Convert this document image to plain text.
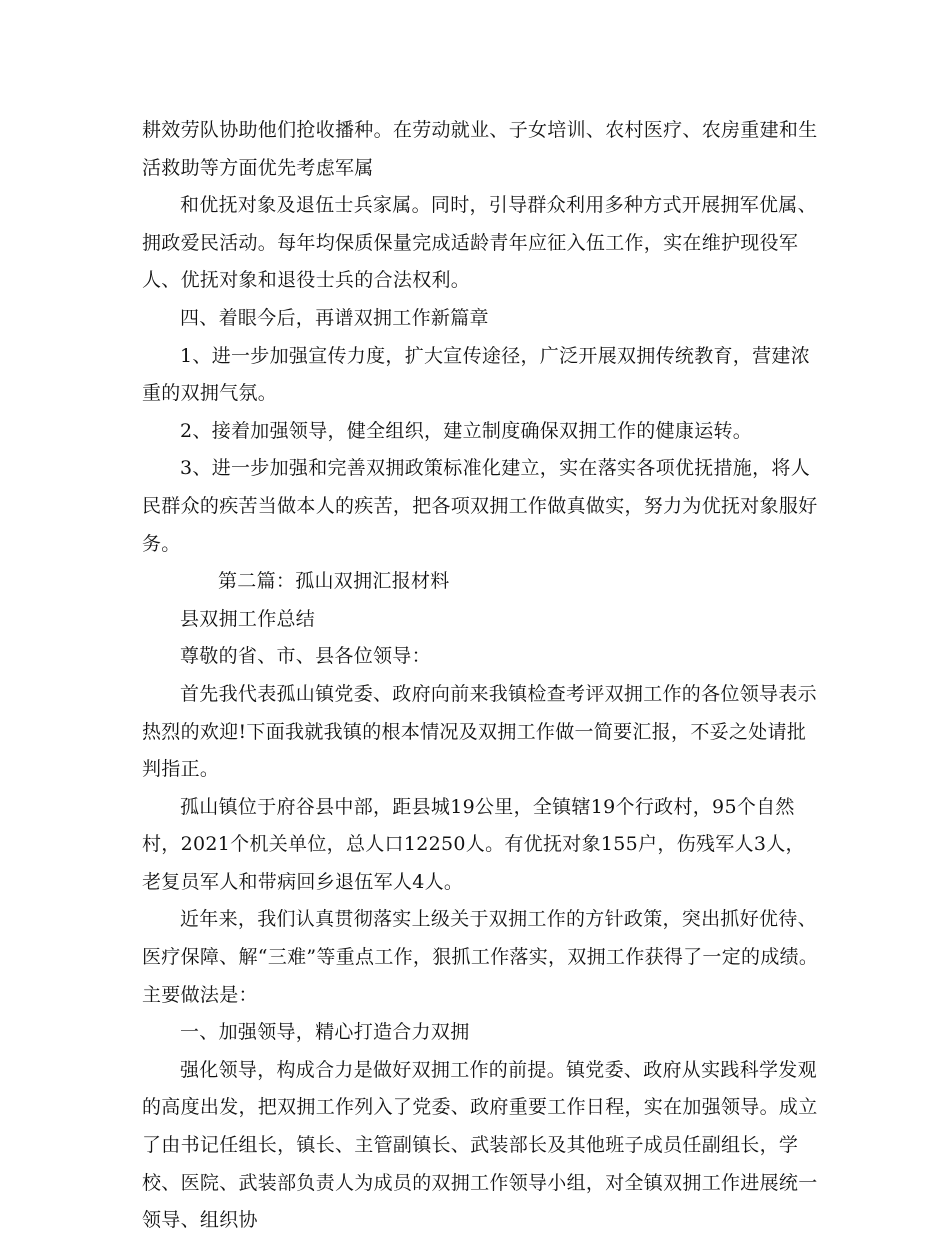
耕效劳队协助他们抢收播种。在劳动就业、子女培训、农村医疗、农房重建和生活救助等方面优先考虑军属

和优抚对象及退伍士兵家属。同时，引导群众利用多种方式开展拥军优属、拥政爱民活动。每年均保质保量完成适龄青年应征入伍工作，实在维护现役军人、优抚对象和退役士兵的合法权利。

四、着眼今后，再谱双拥工作新篇章

1、进一步加强宣传力度，扩大宣传途径，广泛开展双拥传统教育，营建浓重的双拥气氛。

2、接着加强领导，健全组织，建立制度确保双拥工作的健康运转。

3、进一步加强和完善双拥政策标准化建立，实在落实各项优抚措施，将人民群众的疾苦当做本人的疾苦，把各项双拥工作做真做实，努力为优抚对象服好务。

第二篇：孤山双拥汇报材料

县双拥工作总结

尊敬的省、市、县各位领导：

首先我代表孤山镇党委、政府向前来我镇检查考评双拥工作的各位领导表示热烈的欢迎!下面我就我镇的根本情况及双拥工作做一简要汇报，不妥之处请批判指正。

孤山镇位于府谷县中部，距县城19公里，全镇辖19个行政村，95个自然村，2021个机关单位，总人口12250人。有优抚对象155户，伤残军人3人，老复员军人和带病回乡退伍军人4人。

近年来，我们认真贯彻落实上级关于双拥工作的方针政策，突出抓好优待、医疗保障、解“三难”等重点工作，狠抓工作落实，双拥工作获得了一定的成绩。主要做法是：

一、加强领导，精心打造合力双拥

强化领导，构成合力是做好双拥工作的前提。镇党委、政府从实践科学发观的高度出发，把双拥工作列入了党委、政府重要工作日程，实在加强领导。成立了由书记任组长，镇长、主管副镇长、武装部长及其他班子成员任副组长，学校、医院、武装部负责人为成员的双拥工作领导小组，对全镇双拥工作进展统一领导、组织协
